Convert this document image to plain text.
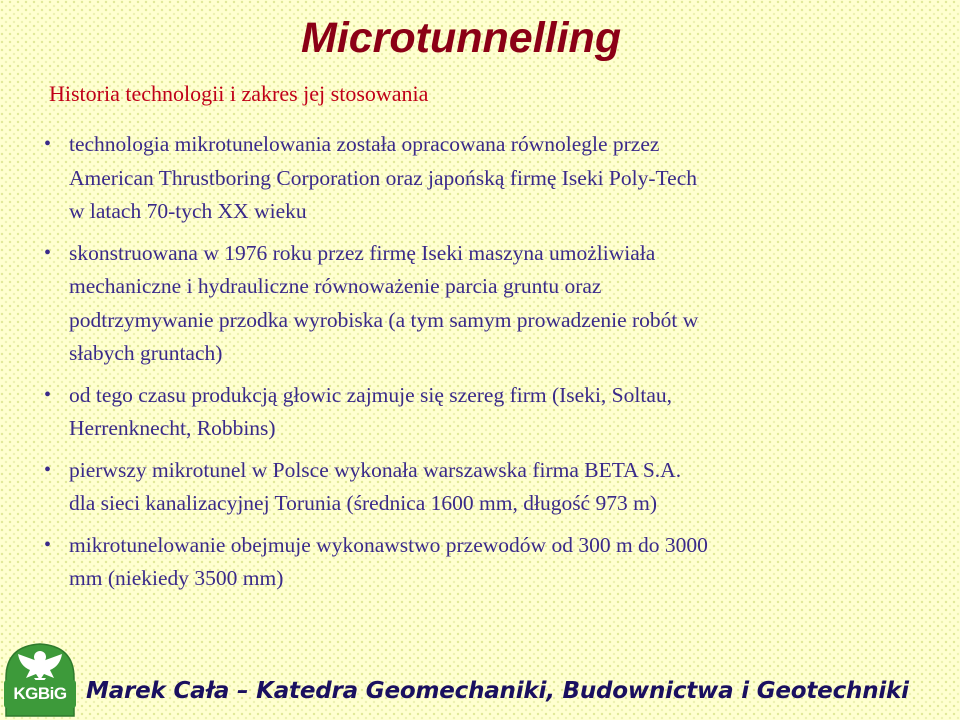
Microtunnelling
Historia technologii i zakres jej stosowania
• technologia mikrotunelowania została opracowana równolegle przez
American Thrustboring Corporation oraz japońską firmę Iseki Poly-Tech
w latach 70-tych XX wieku
• skonstruowana w 1976 roku przez firmę Iseki maszyna umożliwiała
mechaniczne i hydrauliczne równoważenie parcia gruntu oraz
podtrzymywanie przodka wyrobiska (a tym samym prowadzenie robót w
słabych gruntach)
• od tego czasu produkcją głowic zajmuje się szereg firm (Iseki, Soltau,
Herrenknecht, Robbins)
• pierwszy mikrotunel w Polsce wykonała warszawska firma BETA S.A.
dla sieci kanalizacyjnej Torunia (średnica 1600 mm, długość 973 m)
• mikrotunelowanie obejmuje wykonawstwo przewodów od 300 m do 3000
mm (niekiedy 3500 mm)
KGBiG Marek Cała – Katedra Geomechaniki, Budownictwa i Geotechniki
